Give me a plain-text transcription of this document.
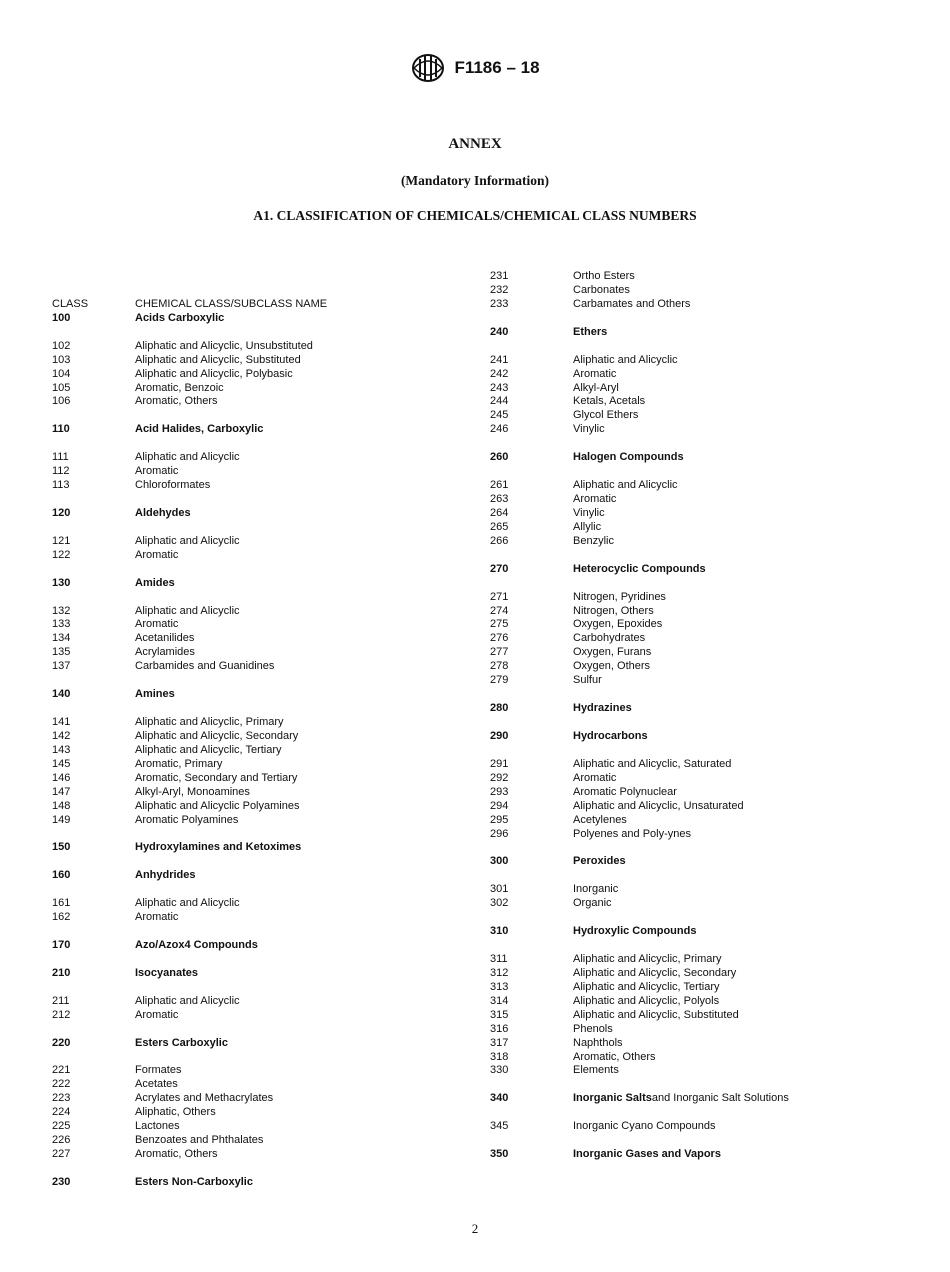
F1186 – 18
ANNEX
(Mandatory Information)
A1. CLASSIFICATION OF CHEMICALS/CHEMICAL CLASS NUMBERS
CLASS	CHEMICAL CLASS/SUBCLASS NAME
100	Acids Carboxylic
102	Aliphatic and Alicyclic, Unsubstituted
103	Aliphatic and Alicyclic, Substituted
104	Aliphatic and Alicyclic, Polybasic
105	Aromatic, Benzoic
106	Aromatic, Others
110	Acid Halides, Carboxylic
111	Aliphatic and Alicyclic
112	Aromatic
113	Chloroformates
120	Aldehydes
121	Aliphatic and Alicyclic
122	Aromatic
130	Amides
132	Aliphatic and Alicyclic
133	Aromatic
134	Acetanilides
135	Acrylamides
137	Carbamides and Guanidines
140	Amines
141	Aliphatic and Alicyclic, Primary
142	Aliphatic and Alicyclic, Secondary
143	Aliphatic and Alicyclic, Tertiary
145	Aromatic, Primary
146	Aromatic, Secondary and Tertiary
147	Alkyl-Aryl, Monoamines
148	Aliphatic and Alicyclic Polyamines
149	Aromatic Polyamines
150	Hydroxylamines and Ketoximes
160	Anhydrides
161	Aliphatic and Alicyclic
162	Aromatic
170	Azo/Azox4 Compounds
210	Isocyanates
211	Aliphatic and Alicyclic
212	Aromatic
220	Esters Carboxylic
221	Formates
222	Acetates
223	Acrylates and Methacrylates
224	Aliphatic, Others
225	Lactones
226	Benzoates and Phthalates
227	Aromatic, Others
230	Esters Non-Carboxylic
231	Ortho Esters
232	Carbonates
233	Carbamates and Others
240	Ethers
241	Aliphatic and Alicyclic
242	Aromatic
243	Alkyl-Aryl
244	Ketals, Acetals
245	Glycol Ethers
246	Vinylic
260	Halogen Compounds
261	Aliphatic and Alicyclic
263	Aromatic
264	Vinylic
265	Allylic
266	Benzylic
270	Heterocyclic Compounds
271	Nitrogen, Pyridines
274	Nitrogen, Others
275	Oxygen, Epoxides
276	Carbohydrates
277	Oxygen, Furans
278	Oxygen, Others
279	Sulfur
280	Hydrazines
290	Hydrocarbons
291	Aliphatic and Alicyclic, Saturated
292	Aromatic
293	Aromatic Polynuclear
294	Aliphatic and Alicyclic, Unsaturated
295	Acetylenes
296	Polyenes and Poly-ynes
300	Peroxides
301	Inorganic
302	Organic
310	Hydroxylic Compounds
311	Aliphatic and Alicyclic, Primary
312	Aliphatic and Alicyclic, Secondary
313	Aliphatic and Alicyclic, Tertiary
314	Aliphatic and Alicyclic, Polyols
315	Aliphatic and Alicyclic, Substituted
316	Phenols
317	Naphthols
318	Aromatic, Others
330	Elements
340	Inorganic Salts and Inorganic Salt Solutions
345	Inorganic Cyano Compounds
350	Inorganic Gases and Vapors
2
